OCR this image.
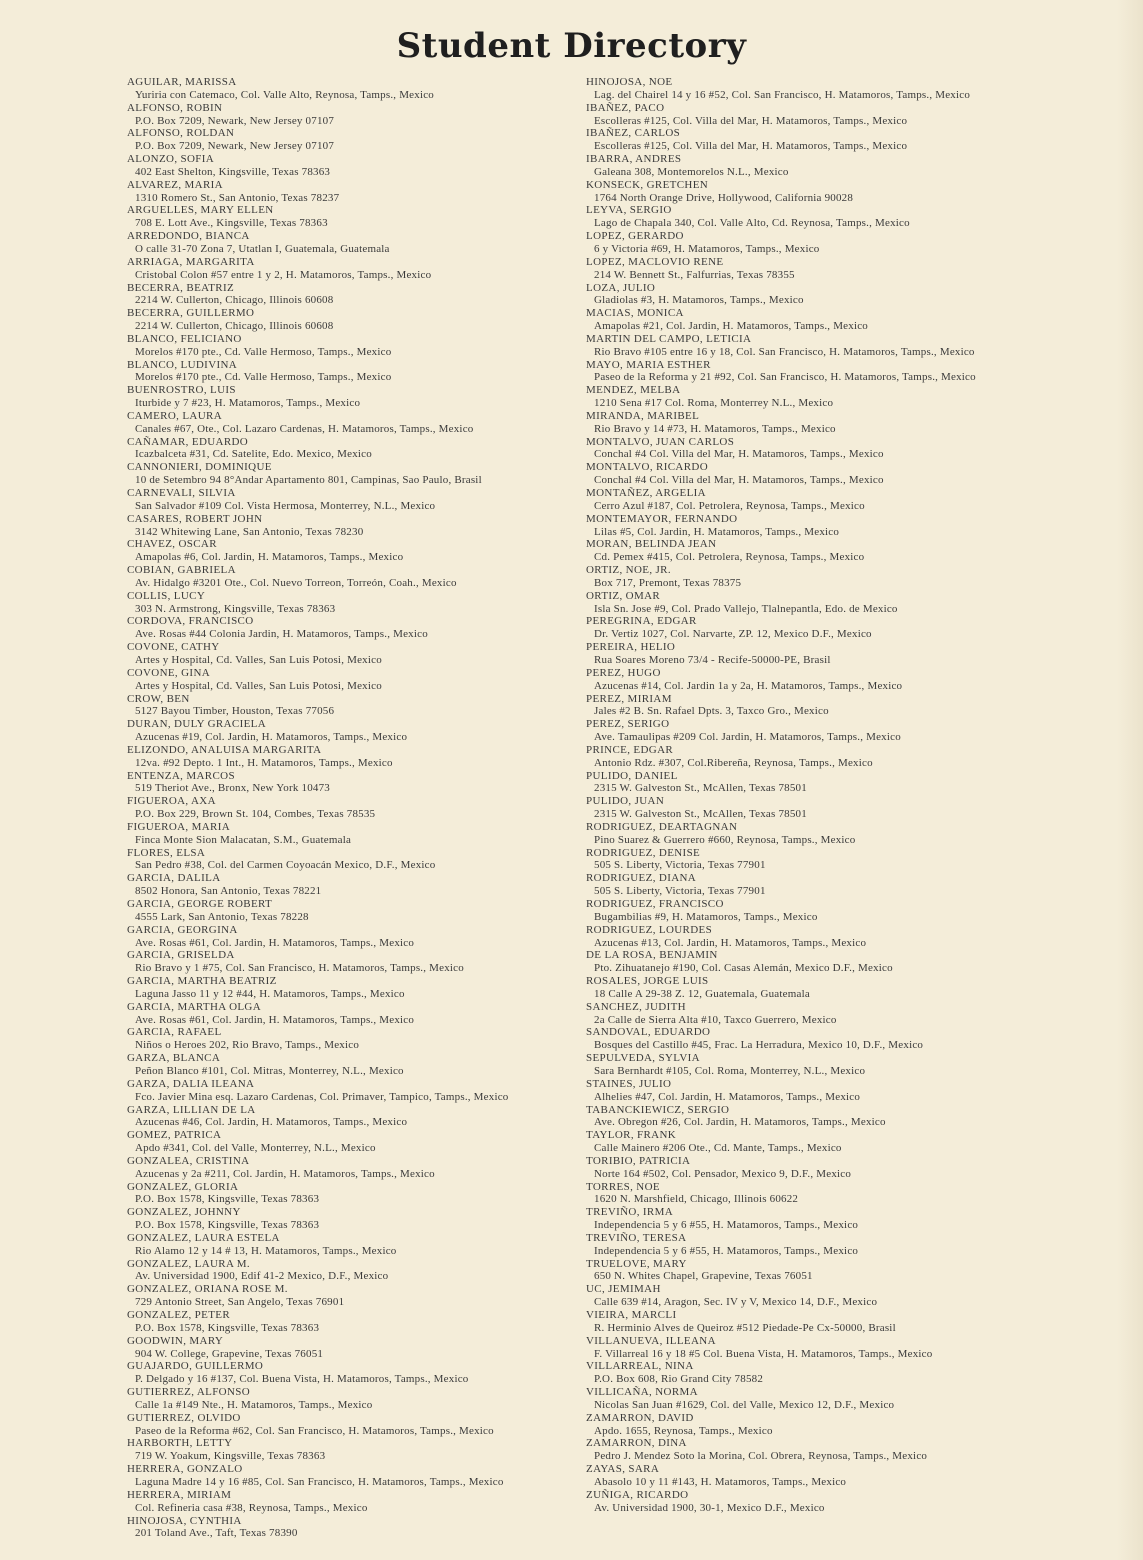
Student Directory
AGUILAR, MARISSA
Yuriria con Catemaco, Col. Valle Alto, Reynosa, Tamps., Mexico
ALFONSO, ROBIN
P.O. Box 7209, Newark, New Jersey 07107
ALFONSO, ROLDAN
P.O. Box 7209, Newark, New Jersey 07107
ALONZO, SOFIA
402 East Shelton, Kingsville, Texas 78363
ALVAREZ, MARIA
1310 Romero St., San Antonio, Texas 78237
ARGUELLES, MARY ELLEN
708 E. Lott Ave., Kingsville, Texas 78363
ARREDONDO, BIANCA
O calle 31-70 Zona 7, Utatlan I, Guatemala, Guatemala
ARRIAGA, MARGARITA
Cristobal Colon #57 entre 1 y 2, H. Matamoros, Tamps., Mexico
BECERRA, BEATRIZ
2214 W. Cullerton, Chicago, Illinois 60608
BECERRA, GUILLERMO
2214 W. Cullerton, Chicago, Illinois 60608
BLANCO, FELICIANO
Morelos #170 pte., Cd. Valle Hermoso, Tamps., Mexico
BLANCO, LUDIVINA
Morelos #170 pte., Cd. Valle Hermoso, Tamps., Mexico
BUENROSTRO, LUIS
Iturbide y 7 #23, H. Matamoros, Tamps., Mexico
CAMERO, LAURA
Canales #67, Ote., Col. Lazaro Cardenas, H. Matamoros, Tamps., Mexico
CAÑAMAR, EDUARDO
Icazbalceta #31, Cd. Satelite, Edo. Mexico, Mexico
CANNONIERI, DOMINIQUE
10 de Setembro 94 8°Andar Apartamento 801, Campinas, Sao Paulo, Brasil
CARNEVALI, SILVIA
San Salvador #109 Col. Vista Hermosa, Monterrey, N.L., Mexico
CASARES, ROBERT JOHN
3142 Whitewing Lane, San Antonio, Texas 78230
CHAVEZ, OSCAR
Amapolas #6, Col. Jardin, H. Matamoros, Tamps., Mexico
COBIAN, GABRIELA
Av. Hidalgo #3201 Ote., Col. Nuevo Torreon, Torreón, Coah., Mexico
COLLIS, LUCY
303 N. Armstrong, Kingsville, Texas 78363
CORDOVA, FRANCISCO
Ave. Rosas #44 Colonia Jardin, H. Matamoros, Tamps., Mexico
COVONE, CATHY
Artes y Hospital, Cd. Valles, San Luis Potosi, Mexico
COVONE, GINA
Artes y Hospital, Cd. Valles, San Luis Potosi, Mexico
CROW, BEN
5127 Bayou Timber, Houston, Texas 77056
DURAN, DULY GRACIELA
Azucenas #19, Col. Jardin, H. Matamoros, Tamps., Mexico
ELIZONDO, ANALUISA MARGARITA
12va. #92 Depto. 1 Int., H. Matamoros, Tamps., Mexico
ENTENZA, MARCOS
519 Theriot Ave., Bronx, New York 10473
FIGUEROA, AXA
P.O. Box 229, Brown St. 104, Combes, Texas 78535
FIGUEROA, MARIA
Finca Monte Sion Malacatan, S.M., Guatemala
FLORES, ELSA
San Pedro #38, Col. del Carmen Coyoacán Mexico, D.F., Mexico
GARCIA, DALILA
8502 Honora, San Antonio, Texas 78221
GARCIA, GEORGE ROBERT
4555 Lark, San Antonio, Texas 78228
GARCIA, GEORGINA
Ave. Rosas #61, Col. Jardin, H. Matamoros, Tamps., Mexico
GARCIA, GRISELDA
Rio Bravo y 1 #75, Col. San Francisco, H. Matamoros, Tamps., Mexico
GARCIA, MARTHA BEATRIZ
Laguna Jasso 11 y 12 #44, H. Matamoros, Tamps., Mexico
GARCIA, MARTHA OLGA
Ave. Rosas #61, Col. Jardin, H. Matamoros, Tamps., Mexico
GARCIA, RAFAEL
Niños o Heroes 202, Rio Bravo, Tamps., Mexico
GARZA, BLANCA
Peñon Blanco #101, Col. Mitras, Monterrey, N.L., Mexico
GARZA, DALIA ILEANA
Fco. Javier Mina esq. Lazaro Cardenas, Col. Primaver, Tampico, Tamps., Mexico
GARZA, LILLIAN DE LA
Azucenas #46, Col. Jardin, H. Matamoros, Tamps., Mexico
GOMEZ, PATRICA
Apdo #341, Col. del Valle, Monterrey, N.L., Mexico
GONZALEA, CRISTINA
Azucenas y 2a #211, Col. Jardin, H. Matamoros, Tamps., Mexico
GONZALEZ, GLORIA
P.O. Box 1578, Kingsville, Texas 78363
GONZALEZ, JOHNNY
P.O. Box 1578, Kingsville, Texas 78363
GONZALEZ, LAURA ESTELA
Rio Alamo 12 y 14 # 13, H. Matamoros, Tamps., Mexico
GONZALEZ, LAURA M.
Av. Universidad 1900, Edif 41-2 Mexico, D.F., Mexico
GONZALEZ, ORIANA ROSE M.
729 Antonio Street, San Angelo, Texas 76901
GONZALEZ, PETER
P.O. Box 1578, Kingsville, Texas 78363
GOODWIN, MARY
904 W. College, Grapevine, Texas 76051
GUAJARDO, GUILLERMO
P. Delgado y 16 #137, Col. Buena Vista, H. Matamoros, Tamps., Mexico
GUTIERREZ, ALFONSO
Calle 1a #149 Nte., H. Matamoros, Tamps., Mexico
GUTIERREZ, OLVIDO
Paseo de la Reforma #62, Col. San Francisco, H. Matamoros, Tamps., Mexico
HARBORTH, LETTY
719 W. Yoakum, Kingsville, Texas 78363
HERRERA, GONZALO
Laguna Madre 14 y 16 #85, Col. San Francisco, H. Matamoros, Tamps., Mexico
HERRERA, MIRIAM
Col. Refineria casa #38, Reynosa, Tamps., Mexico
HINOJOSA, CYNTHIA
201 Toland Ave., Taft, Texas 78390
HINOJOSA, NOE
Lag. del Chairel 14 y 16 #52, Col. San Francisco, H. Matamoros, Tamps., Mexico
IBAÑEZ, PACO
Escolleras #125, Col. Villa del Mar, H. Matamoros, Tamps., Mexico
IBAÑEZ, CARLOS
Escolleras #125, Col. Villa del Mar, H. Matamoros, Tamps., Mexico
IBARRA, ANDRES
Galeana 308, Montemorelos N.L., Mexico
KONSECK, GRETCHEN
1764 North Orange Drive, Hollywood, California 90028
LEYVA, SERGIO
Lago de Chapala 340, Col. Valle Alto, Cd. Reynosa, Tamps., Mexico
LOPEZ, GERARDO
6 y Victoria #69, H. Matamoros, Tamps., Mexico
LOPEZ, MACLOVIO RENE
214 W. Bennett St., Falfurrias, Texas 78355
LOZA, JULIO
Gladiolas #3, H. Matamoros, Tamps., Mexico
MACIAS, MONICA
Amapolas #21, Col. Jardin, H. Matamoros, Tamps., Mexico
MARTIN DEL CAMPO, LETICIA
Rio Bravo #105 entre 16 y 18, Col. San Francisco, H. Matamoros, Tamps., Mexico
MAYO, MARIA ESTHER
Paseo de la Reforma y 21 #92, Col. San Francisco, H. Matamoros, Tamps., Mexico
MENDEZ, MELBA
1210 Sena #17 Col. Roma, Monterrey N.L., Mexico
MIRANDA, MARIBEL
Rio Bravo y 14 #73, H. Matamoros, Tamps., Mexico
MONTALVO, JUAN CARLOS
Conchal #4 Col. Villa del Mar, H. Matamoros, Tamps., Mexico
MONTALVO, RICARDO
Conchal #4 Col. Villa del Mar, H. Matamoros, Tamps., Mexico
MONTAÑEZ, ARGELIA
Cerro Azul #187, Col. Petrolera, Reynosa, Tamps., Mexico
MONTEMAYOR, FERNANDO
Lilas #5, Col. Jardin, H. Matamoros, Tamps., Mexico
MORAN, BELINDA JEAN
Cd. Pemex #415, Col. Petrolera, Reynosa, Tamps., Mexico
ORTIZ, NOE, JR.
Box 717, Premont, Texas 78375
ORTIZ, OMAR
Isla Sn. Jose #9, Col. Prado Vallejo, Tlalnepantla, Edo. de Mexico
PEREGRINA, EDGAR
Dr. Vertiz 1027, Col. Narvarte, ZP. 12, Mexico D.F., Mexico
PEREIRA, HELIO
Rua Soares Moreno 73/4 - Recife-50000-PE, Brasil
PEREZ, HUGO
Azucenas #14, Col. Jardin 1a y 2a, H. Matamoros, Tamps., Mexico
PEREZ, MIRIAM
Jales #2 B. Sn. Rafael Dpts. 3, Taxco Gro., Mexico
PEREZ, SERIGO
Ave. Tamaulipas #209 Col. Jardin, H. Matamoros, Tamps., Mexico
PRINCE, EDGAR
Antonio Rdz. #307, Col.Ribereña, Reynosa, Tamps., Mexico
PULIDO, DANIEL
2315 W. Galveston St., McAllen, Texas 78501
PULIDO, JUAN
2315 W. Galveston St., McAllen, Texas 78501
RODRIGUEZ, DEARTAGNAN
Pino Suarez & Guerrero #660, Reynosa, Tamps., Mexico
RODRIGUEZ, DENISE
505 S. Liberty, Victoria, Texas 77901
RODRIGUEZ, DIANA
505 S. Liberty, Victoria, Texas 77901
RODRIGUEZ, FRANCISCO
Bugambilias #9, H. Matamoros, Tamps., Mexico
RODRIGUEZ, LOURDES
Azucenas #13, Col. Jardin, H. Matamoros, Tamps., Mexico
DE LA ROSA, BENJAMIN
Pto. Zihuatanejo #190, Col. Casas Alemán, Mexico D.F., Mexico
ROSALES, JORGE LUIS
18 Calle A 29-38 Z. 12, Guatemala, Guatemala
SANCHEZ, JUDITH
2a Calle de Sierra Alta #10, Taxco Guerrero, Mexico
SANDOVAL, EDUARDO
Bosques del Castillo #45, Frac. La Herradura, Mexico 10, D.F., Mexico
SEPULVEDA, SYLVIA
Sara Bernhardt #105, Col. Roma, Monterrey, N.L., Mexico
STAINES, JULIO
Alhelies #47, Col. Jardin, H. Matamoros, Tamps., Mexico
TABANCKIEWICZ, SERGIO
Ave. Obregon #26, Col. Jardin, H. Matamoros, Tamps., Mexico
TAYLOR, FRANK
Calle Mainero #206 Ote., Cd. Mante, Tamps., Mexico
TORIBIO, PATRICIA
Norte 164 #502, Col. Pensador, Mexico 9, D.F., Mexico
TORRES, NOE
1620 N. Marshfield, Chicago, Illinois 60622
TREVIÑO, IRMA
Independencia 5 y 6 #55, H. Matamoros, Tamps., Mexico
TREVIÑO, TERESA
Independencia 5 y 6 #55, H. Matamoros, Tamps., Mexico
TRUELOVE, MARY
650 N. Whites Chapel, Grapevine, Texas 76051
UC, JEMIMAH
Calle 639 #14, Aragon, Sec. IV y V, Mexico 14, D.F., Mexico
VIEIRA, MARCLI
R. Herminio Alves de Queiroz #512 Piedade-Pe Cx-50000, Brasil
VILLANUEVA, ILLEANA
F. Villarreal 16 y 18 #5 Col. Buena Vista, H. Matamoros, Tamps., Mexico
VILLARREAL, NINA
P.O. Box 608, Rio Grand City 78582
VILLICAÑA, NORMA
Nicolas San Juan #1629, Col. del Valle, Mexico 12, D.F., Mexico
ZAMARRON, DAVID
Apdo. 1655, Reynosa, Tamps., Mexico
ZAMARRON, DINA
Pedro J. Mendez Soto la Morina, Col. Obrera, Reynosa, Tamps., Mexico
ZAYAS, SARA
Abasolo 10 y 11 #143, H. Matamoros, Tamps., Mexico
ZUÑIGA, RICARDO
Av. Universidad 1900, 30-1, Mexico D.F., Mexico
